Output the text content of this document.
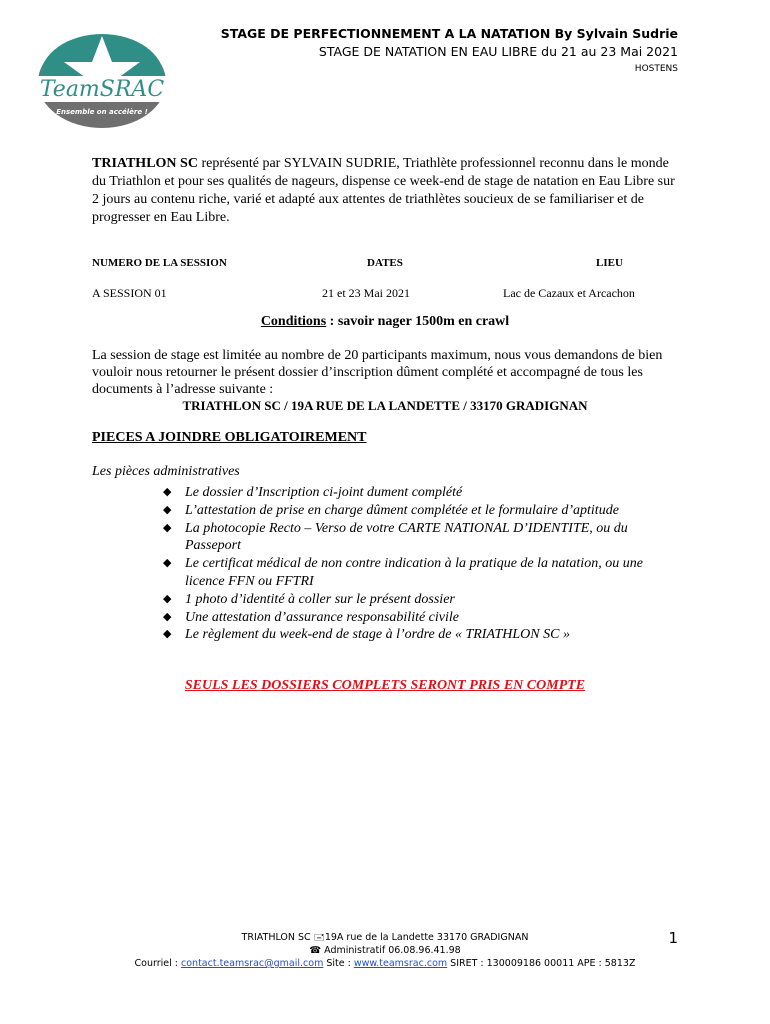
TeamSRAC
Ensemble on accélère !
STAGE DE PERFECTIONNEMENT A LA NATATION By Sylvain Sudrie
STAGE DE NATATION EN EAU LIBRE du 21 au 23 Mai 2021
HOSTENS
TRIATHLON SC représenté par SYLVAIN SUDRIE, Triathlète professionnel reconnu dans le monde du Triathlon et pour ses qualités de nageurs, dispense ce week-end de stage de natation en Eau Libre sur 2 jours au contenu riche, varié et adapté aux attentes de triathlètes soucieux de se familiariser et de progresser en Eau Libre.
NUMERO DE LA SESSION	DATES	LIEU
A SESSION 01	21 et 23 Mai 2021	Lac de Cazaux et Arcachon
Conditions : savoir nager 1500m en crawl
La session de stage est limitée au nombre de 20 participants maximum, nous vous demandons de bien vouloir nous retourner le présent dossier d’inscription dûment complété et accompagné de tous les documents à l’adresse suivante :
TRIATHLON SC / 19A RUE DE LA LANDETTE / 33170 GRADIGNAN
PIECES A JOINDRE OBLIGATOIREMENT
Les pièces administratives
◆ Le dossier d’Inscription ci-joint dument complété
◆ L’attestation de prise en charge dûment complétée et le formulaire d’aptitude
◆ La photocopie Recto – Verso de votre CARTE NATIONAL D’IDENTITE, ou du Passeport
◆ Le certificat médical de non contre indication à la pratique de la natation, ou une licence FFN ou FFTRI
◆ 1 photo d’identité à coller sur le présent dossier
◆ Une attestation d’assurance responsabilité civile
◆ Le règlement du week-end de stage à l’ordre de « TRIATHLON SC »
SEULS LES DOSSIERS COMPLETS SERONT PRIS EN COMPTE
TRIATHLON SC 🖃19A rue de la Landette 33170 GRADIGNAN
☎ Administratif 06.08.96.41.98
Courriel : contact.teamsrac@gmail.com Site : www.teamsrac.com SIRET : 130009186 00011 APE : 5813Z
1
